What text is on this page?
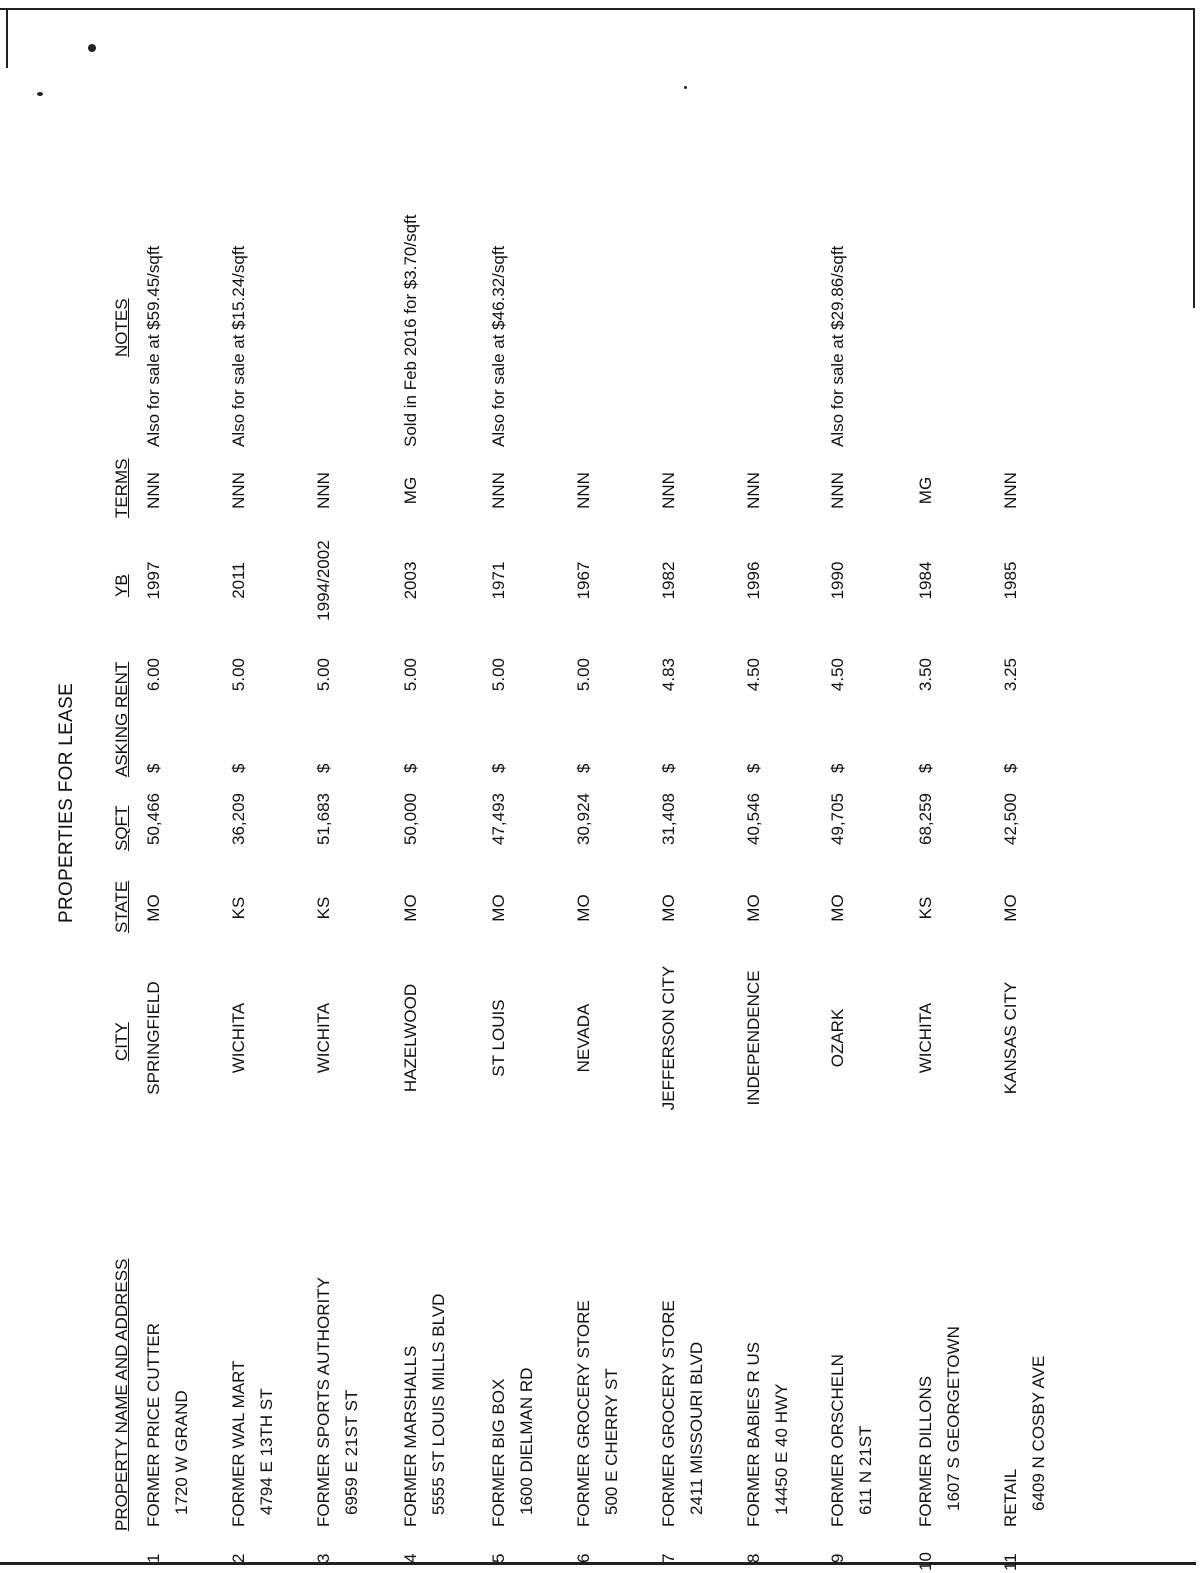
PROPERTIES FOR LEASE
PROPERTY NAME AND ADDRESS
CITY
STATE
SQFT
ASKING RENT
YB
TERMS
NOTES
1
FORMER PRICE CUTTER
SPRINGFIELD
MO
50,466
$
6.00
1997
NNN
Also for sale at $59.45/sqft
1720 W GRAND
2
FORMER WAL MART
WICHITA
KS
36,209
$
5.00
2011
NNN
Also for sale at $15.24/sqft
4794 E 13TH ST
3
FORMER SPORTS AUTHORITY
WICHITA
KS
51,683
$
5.00
1994/2002
NNN
6959 E 21ST ST
4
FORMER MARSHALLS
HAZELWOOD
MO
50,000
$
5.00
2003
MG
Sold in Feb 2016 for $3.70/sqft
5555 ST LOUIS MILLS BLVD
5
FORMER BIG BOX
ST LOUIS
MO
47,493
$
5.00
1971
NNN
Also for sale at $46.32/sqft
1600 DIELMAN RD
6
FORMER GROCERY STORE
NEVADA
MO
30,924
$
5.00
1967
NNN
500 E CHERRY ST
7
FORMER GROCERY STORE
JEFFERSON CITY
MO
31,408
$
4.83
1982
NNN
2411 MISSOURI BLVD
8
FORMER BABIES R US
INDEPENDENCE
MO
40,546
$
4.50
1996
NNN
14450 E 40 HWY
9
FORMER ORSCHELN
OZARK
MO
49,705
$
4.50
1990
NNN
Also for sale at $29.86/sqft
611 N 21ST
10
FORMER DILLONS
WICHITA
KS
68,259
$
3.50
1984
MG
1607 S GEORGETOWN
11
RETAIL
KANSAS CITY
MO
42,500
$
3.25
1985
NNN
6409 N COSBY AVE
